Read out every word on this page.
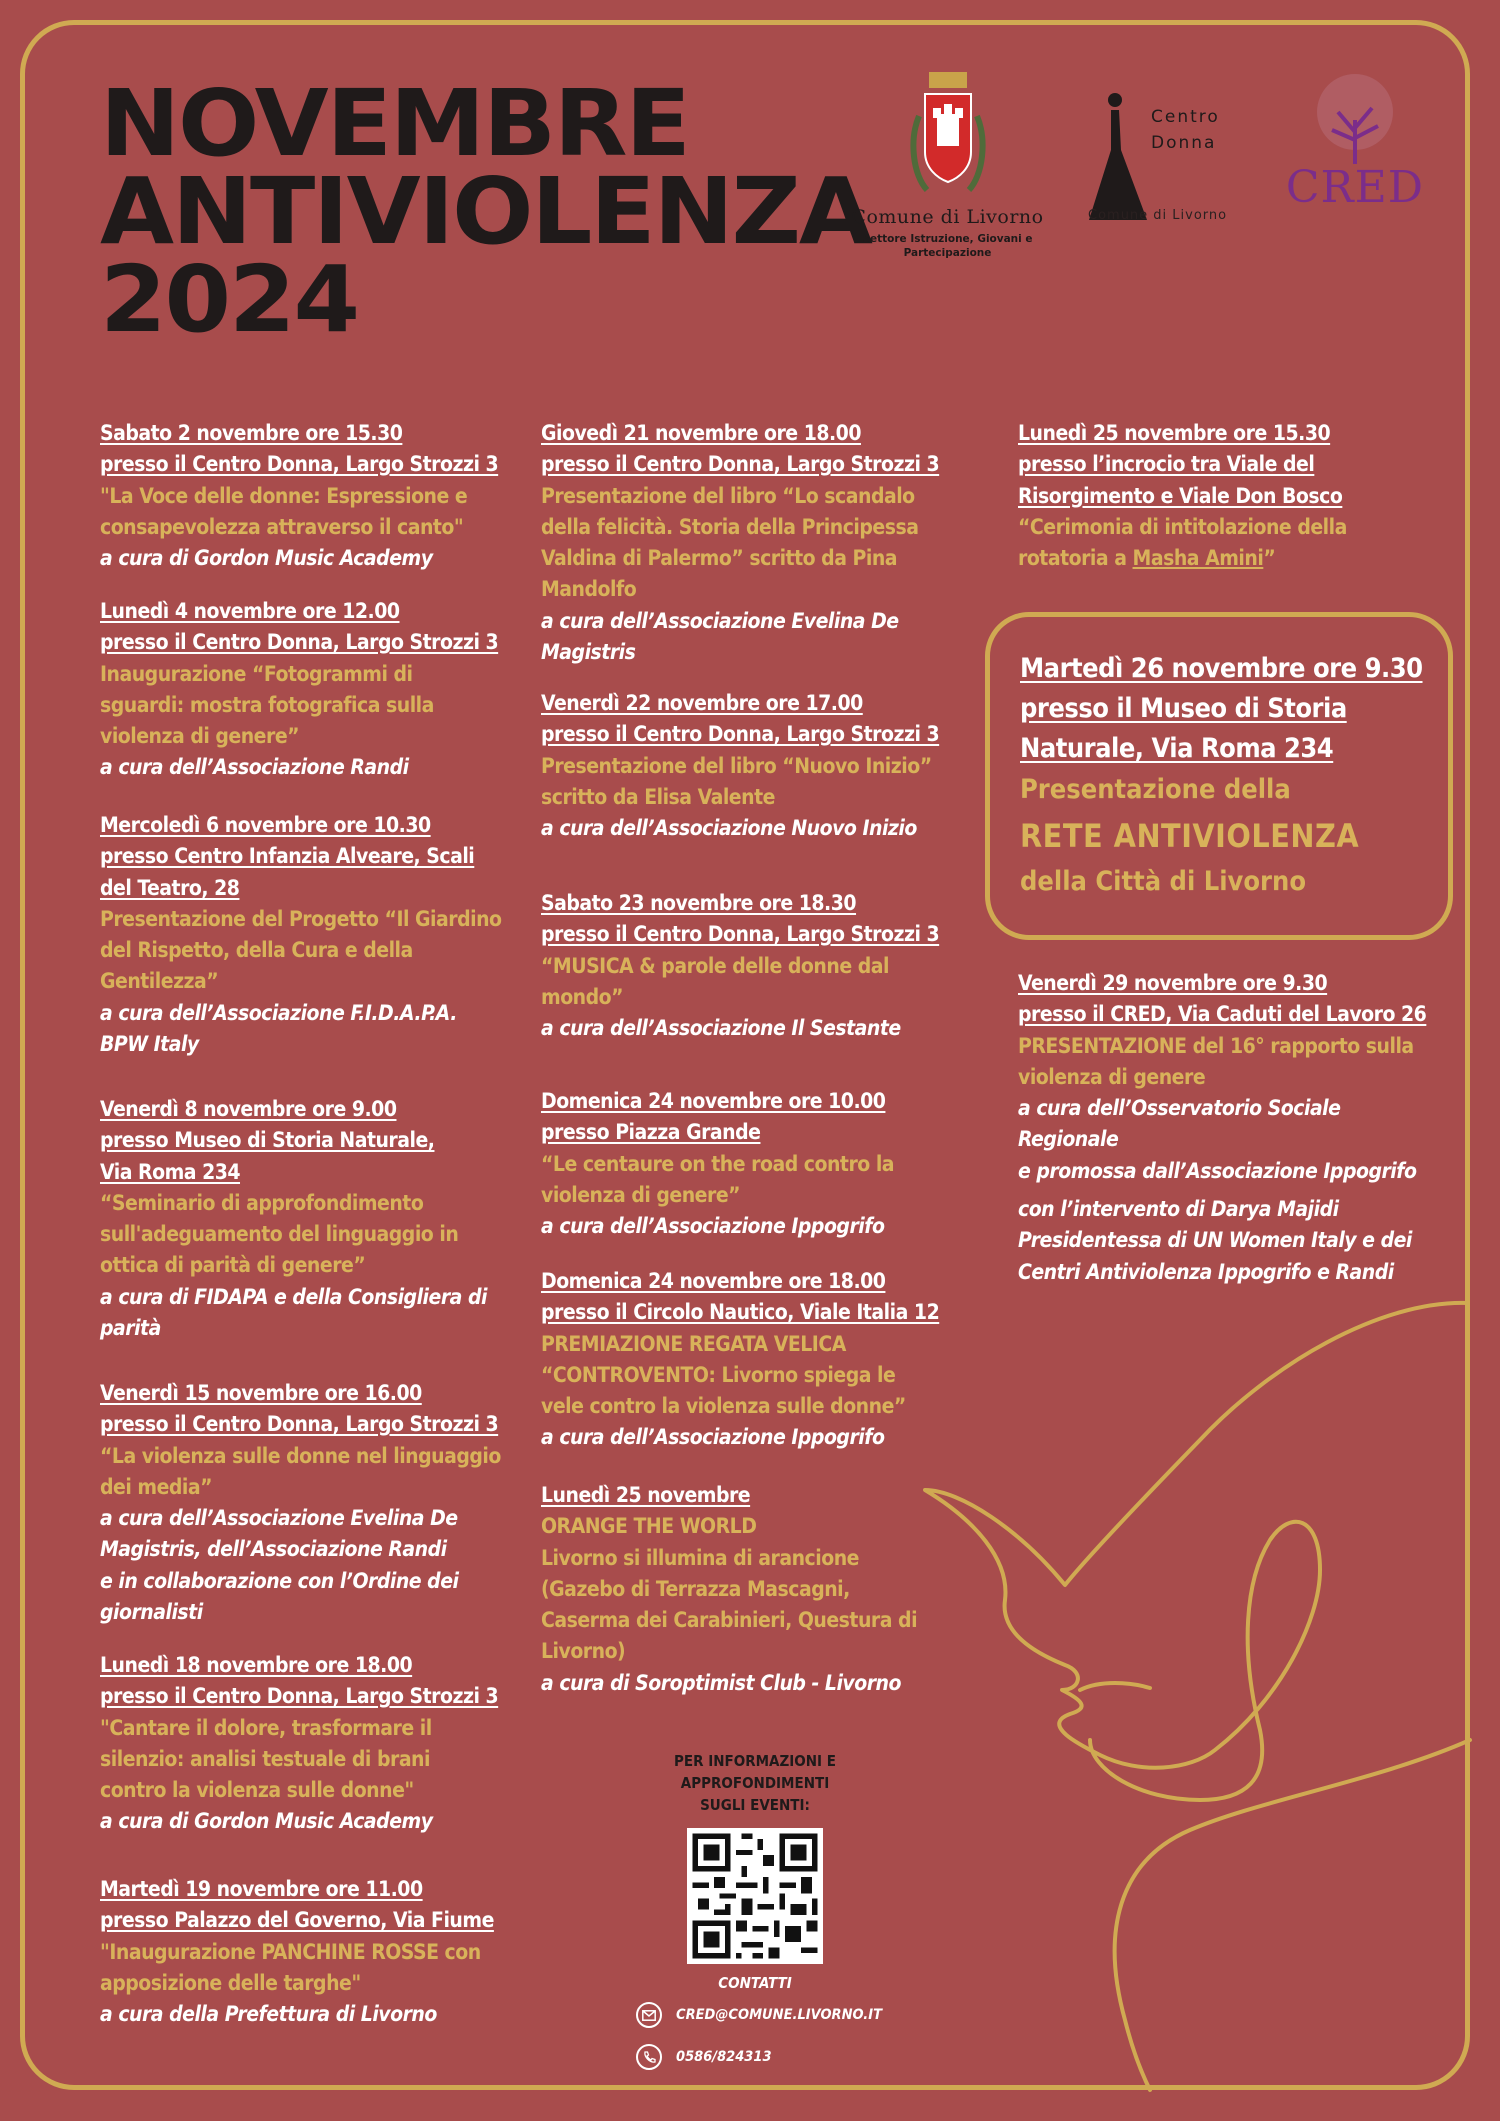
NOVEMBRE
ANTIVIOLENZA
2024
Comune di Livorno
Settore Istruzione, Giovani e Partecipazione
Centro
Donna
Comune di Livorno
CRED

Sabato 2 novembre ore 15.30

presso il Centro Donna, Largo Strozzi 3

"La Voce delle donne: Espressione e

consapevolezza attraverso il canto"

a cura di Gordon Music Academy

Lunedì 4 novembre ore 12.00

presso il Centro Donna, Largo Strozzi 3

Inaugurazione “Fotogrammi di

sguardi: mostra fotografica sulla

violenza di genere”

a cura dell’Associazione Randi

Mercoledì 6 novembre ore 10.30

presso Centro Infanzia Alveare, Scali

del Teatro, 28

Presentazione del Progetto “Il Giardino

del Rispetto, della Cura e della

Gentilezza”

a cura dell’Associazione F.I.D.A.P.A.

BPW Italy

Venerdì 8 novembre ore 9.00

presso Museo di Storia Naturale,

Via Roma 234

“Seminario di approfondimento

sull'adeguamento del linguaggio in

ottica di parità di genere”

a cura di FIDAPA e della Consigliera di

parità

Venerdì 15 novembre ore 16.00

presso il Centro Donna, Largo Strozzi 3

“La violenza sulle donne nel linguaggio

dei media”

a cura dell’Associazione Evelina De

Magistris, dell’Associazione Randi

e in collaborazione con l’Ordine dei

giornalisti

Lunedì 18 novembre ore 18.00

presso il Centro Donna, Largo Strozzi 3

"Cantare il dolore, trasformare il

silenzio: analisi testuale di brani

contro la violenza sulle donne"

a cura di Gordon Music Academy

Martedì 19 novembre ore 11.00

presso Palazzo del Governo, Via Fiume

"Inaugurazione PANCHINE ROSSE con

apposizione delle targhe"

a cura della Prefettura di Livorno

Giovedì 21 novembre ore 18.00

presso il Centro Donna, Largo Strozzi 3

Presentazione del libro “Lo scandalo

della felicità. Storia della Principessa

Valdina di Palermo” scritto da Pina

Mandolfo

a cura dell’Associazione Evelina De

Magistris

Venerdì 22 novembre ore 17.00

presso il Centro Donna, Largo Strozzi 3

Presentazione del libro “Nuovo Inizio”

scritto da Elisa Valente

a cura dell’Associazione Nuovo Inizio

Sabato 23 novembre ore 18.30

presso il Centro Donna, Largo Strozzi 3

“MUSICA & parole delle donne dal

mondo”

a cura dell’Associazione Il Sestante

Domenica 24 novembre ore 10.00

presso Piazza Grande

“Le centaure on the road contro la

violenza di genere”

a cura dell’Associazione Ippogrifo

Domenica 24 novembre ore 18.00

presso il Circolo Nautico, Viale Italia 12

PREMIAZIONE REGATA VELICA

“CONTROVENTO: Livorno spiega le

vele contro la violenza sulle donne”

a cura dell’Associazione Ippogrifo

Lunedì 25 novembre

ORANGE THE WORLD

Livorno si illumina di arancione

(Gazebo di Terrazza Mascagni,

Caserma dei Carabinieri, Questura di

Livorno)

a cura di Soroptimist Club - Livorno

Lunedì 25 novembre ore 15.30

presso l’incrocio tra Viale del

Risorgimento e Viale Don Bosco

“Cerimonia di intitolazione della

rotatoria a Masha Amini”

Venerdì 29 novembre ore 9.30

presso il CRED, Via Caduti del Lavoro 26

PRESENTAZIONE del 16° rapporto sulla

violenza di genere

a cura dell’Osservatorio Sociale

Regionale

e promossa dall’Associazione Ippogrifo

con l’intervento di Darya Majidi

Presidentessa di UN Women Italy e dei

Centri Antiviolenza Ippogrifo e Randi

Martedì 26 novembre ore 9.30

presso il Museo di Storia

Naturale, Via Roma 234

Presentazione della

RETE ANTIVIOLENZA

della Città di Livorno

PER INFORMAZIONI E

APPROFONDIMENTI

SUGLI EVENTI:

CONTATTI
CRED@COMUNE.LIVORNO.IT
0586/824313
